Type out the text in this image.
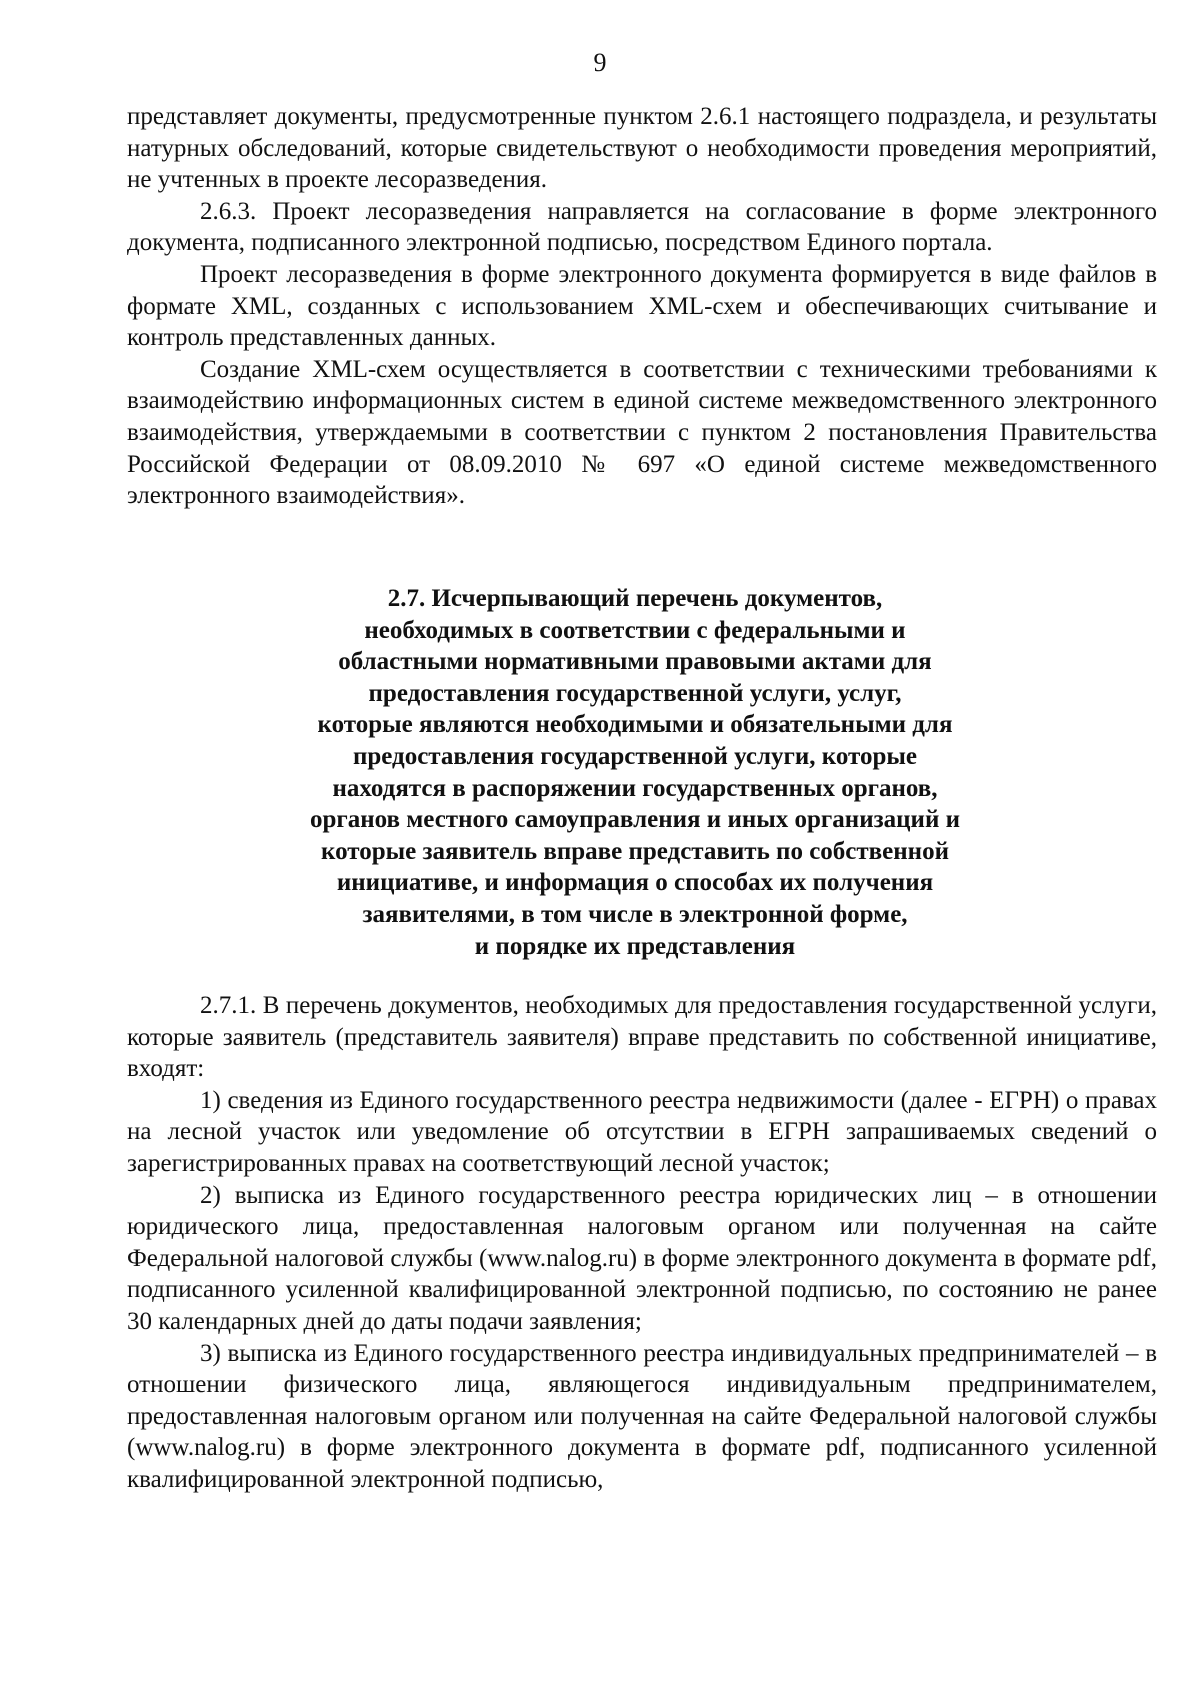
9

представляет документы, предусмотренные пунктом 2.6.1 настоящего подраздела, и результаты натурных обследований, которые свидетельствуют о необходимости проведения мероприятий, не учтенных в проекте лесоразведения.

2.6.3. Проект лесоразведения направляется на согласование в форме электронного документа, подписанного электронной подписью, посредством Единого портала.

Проект лесоразведения в форме электронного документа формируется в виде файлов в формате XML, созданных с использованием XML-схем и обеспечивающих считывание и контроль представленных данных.

Создание XML-схем осуществляется в соответствии с техническими требованиями к взаимодействию информационных систем в единой системе межведомственного электронного взаимодействия, утверждаемыми в соответствии с пунктом 2 постановления Правительства Российской Федерации от 08.09.2010 № 697 «О единой системе межведомственного электронного взаимодействия».

2.7. Исчерпывающий перечень документов,
необходимых в соответствии с федеральными и
областными нормативными правовыми актами для
предоставления государственной услуги, услуг,
которые являются необходимыми и обязательными для
предоставления государственной услуги, которые
находятся в распоряжении государственных органов,
органов местного самоуправления и иных организаций и
которые заявитель вправе представить по собственной
инициативе, и информация о способах их получения
заявителями, в том числе в электронной форме,
и порядке их представления

2.7.1. В перечень документов, необходимых для предоставления государственной услуги, которые заявитель (представитель заявителя) вправе представить по собственной инициативе, входят:

1) сведения из Единого государственного реестра недвижимости (далее - ЕГРН) о правах на лесной участок или уведомление об отсутствии в ЕГРН запрашиваемых сведений о зарегистрированных правах на соответствующий лесной участок;

2) выписка из Единого государственного реестра юридических лиц – в отношении юридического лица, предоставленная налоговым органом или полученная на сайте Федеральной налоговой службы (www.nalog.ru) в форме электронного документа в формате pdf, подписанного усиленной квалифицированной электронной подписью, по состоянию не ранее 30 календарных дней до даты подачи заявления;

3) выписка из Единого государственного реестра индивидуальных предпринимателей – в отношении физического лица, являющегося индивидуальным предпринимателем, предоставленная налоговым органом или полученная на сайте Федеральной налоговой службы (www.nalog.ru) в форме электронного документа в формате pdf, подписанного усиленной квалифицированной электронной подписью,
